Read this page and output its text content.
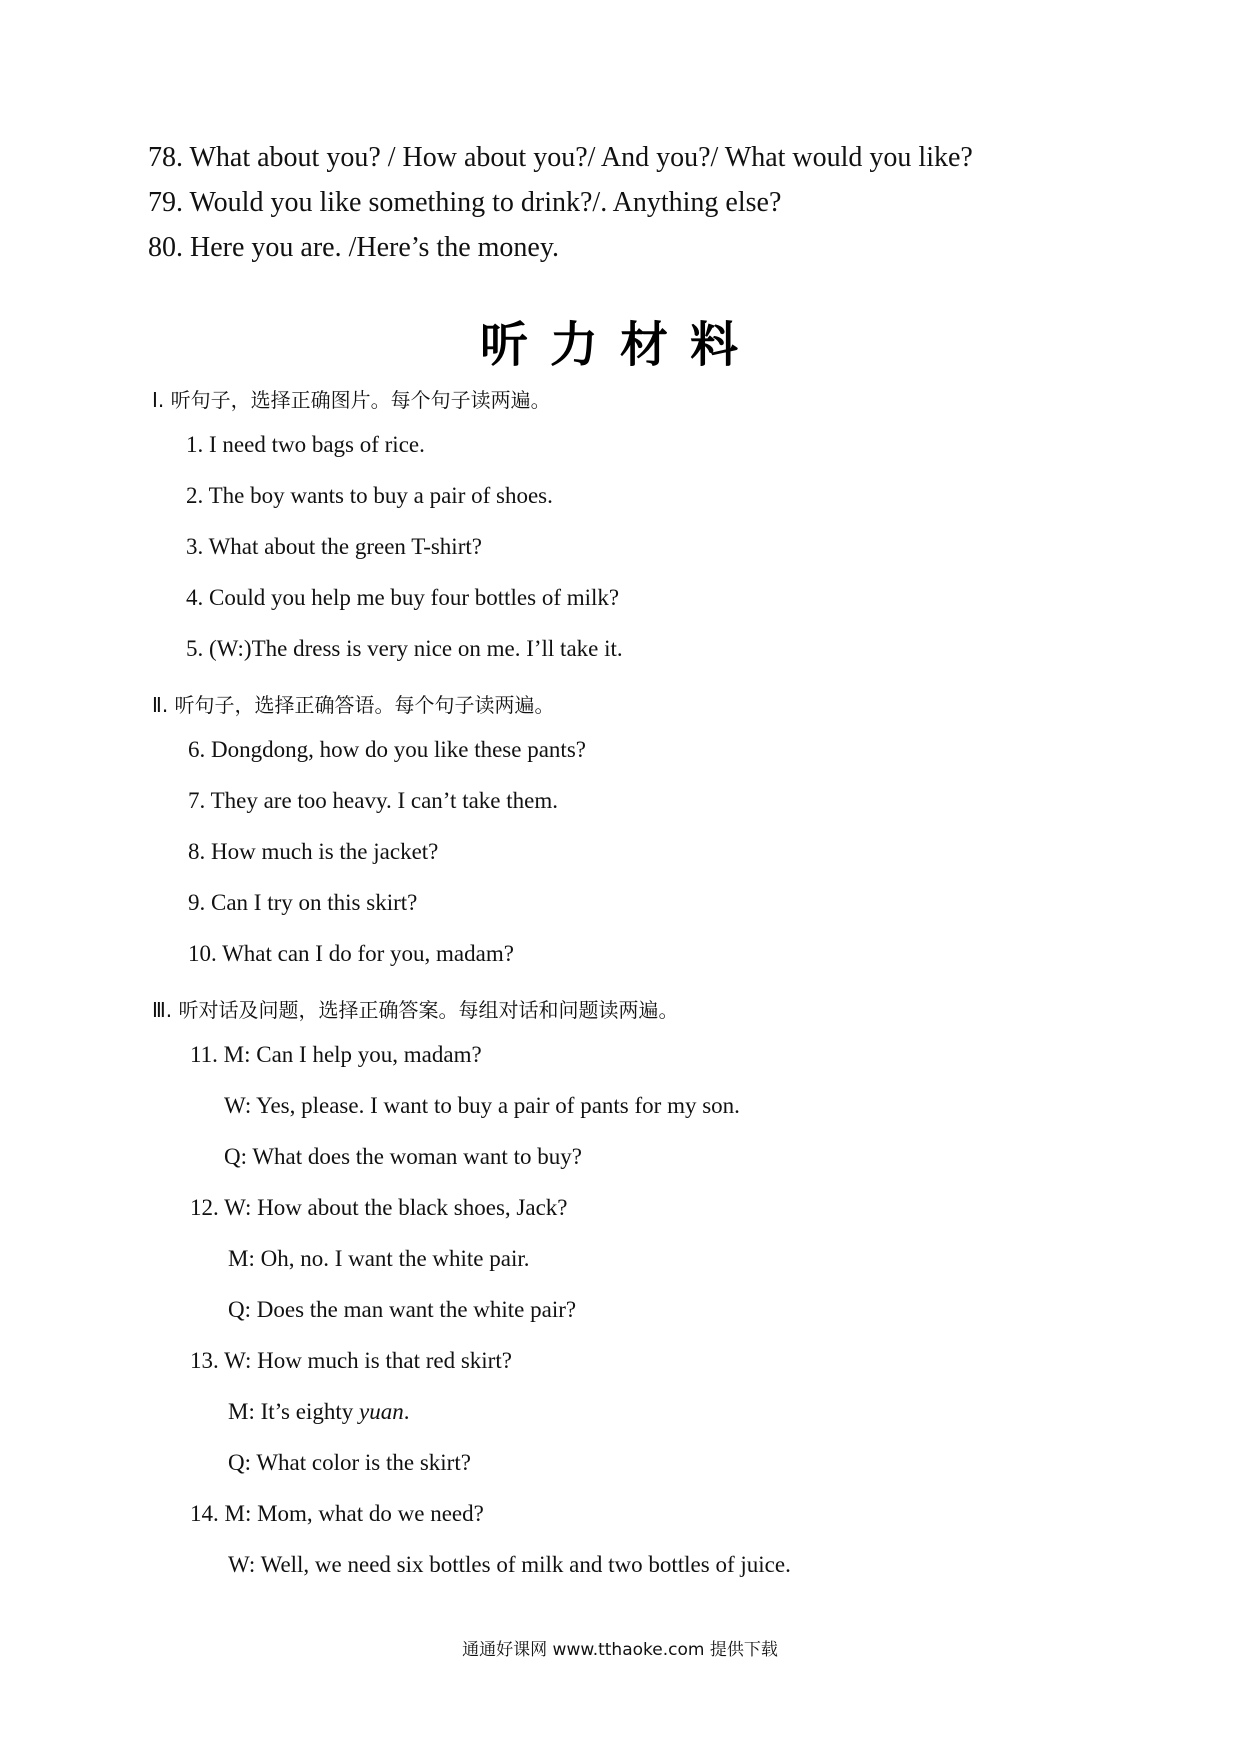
78. What about you? / How about you?/ And you?/ What would you like?
79. Would you like something to drink?/. Anything else?
80. Here you are. /Here’s the money.
听力材料
Ⅰ. 听句子，选择正确图片。每个句子读两遍。
1. I need two bags of rice.
2. The boy wants to buy a pair of shoes.
3. What about the green T-shirt?
4. Could you help me buy four bottles of milk?
5. (W:)The dress is very nice on me. I’ll take it.
Ⅱ. 听句子，选择正确答语。每个句子读两遍。
6. Dongdong, how do you like these pants?
7. They are too heavy. I can’t take them.
8. How much is the jacket?
9. Can I try on this skirt?
10. What can I do for you, madam?
Ⅲ. 听对话及问题，选择正确答案。每组对话和问题读两遍。
11. M: Can I help you, madam?
W: Yes, please. I want to buy a pair of pants for my son.
Q: What does the woman want to buy?
12. W: How about the black shoes, Jack?
M: Oh, no. I want the white pair.
Q: Does the man want the white pair?
13. W: How much is that red skirt?
M: It’s eighty yuan.
Q: What color is the skirt?
14. M: Mom, what do we need?
W: Well, we need six bottles of milk and two bottles of juice.
通通好课网 www.tthaoke.com 提供下载
